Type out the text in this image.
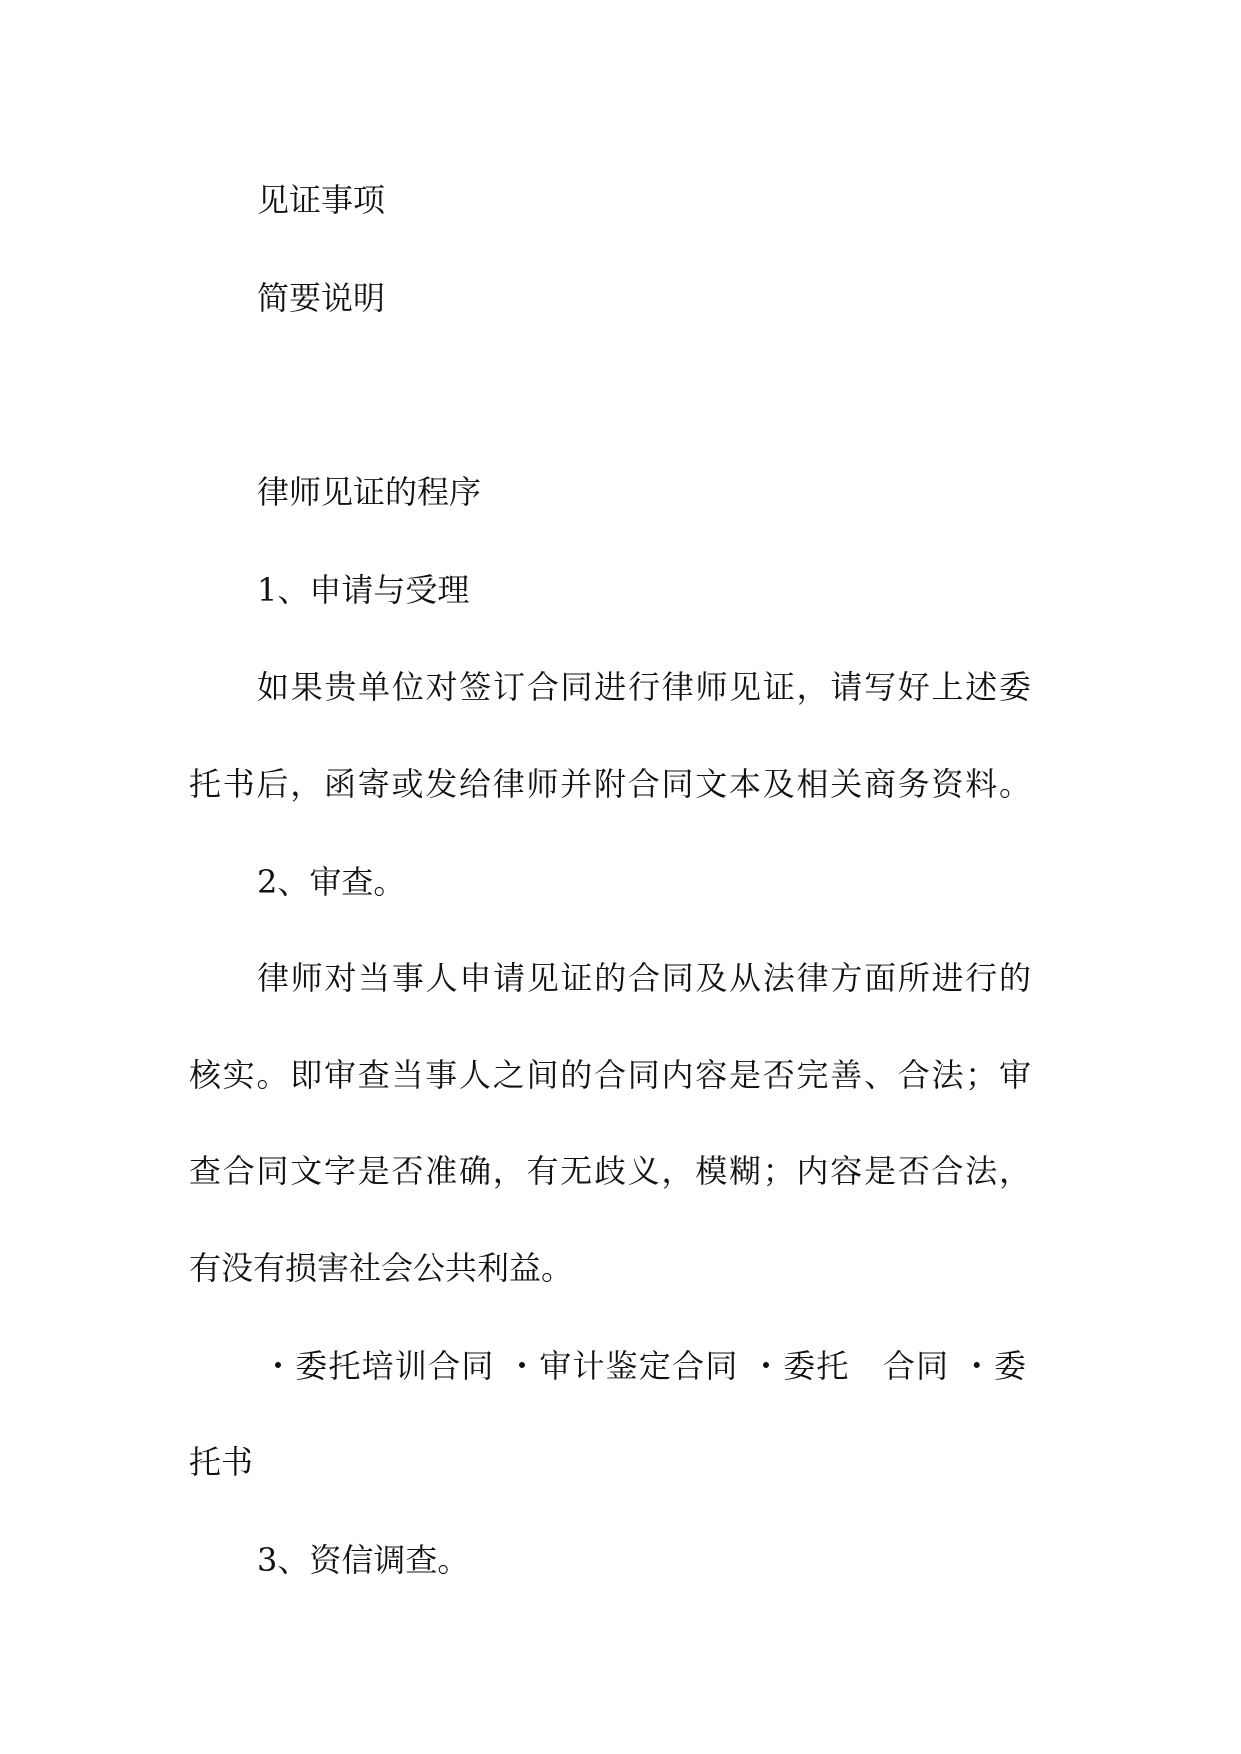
见证事项
简要说明
律师见证的程序
1、申请与受理
如果贵单位对签订合同进行律师见证，请写好上述委
托书后，函寄或发给律师并附合同文本及相关商务资料。
2、审查。
律师对当事人申请见证的合同及从法律方面所进行的
核实。即审查当事人之间的合同内容是否完善、合法；审
查合同文字是否准确，有无歧义，模糊；内容是否合法，
有没有损害社会公共利益。
・委托培训合同 ・审计鉴定合同 ・委托　合同 ・委
托书
3、资信调查。
